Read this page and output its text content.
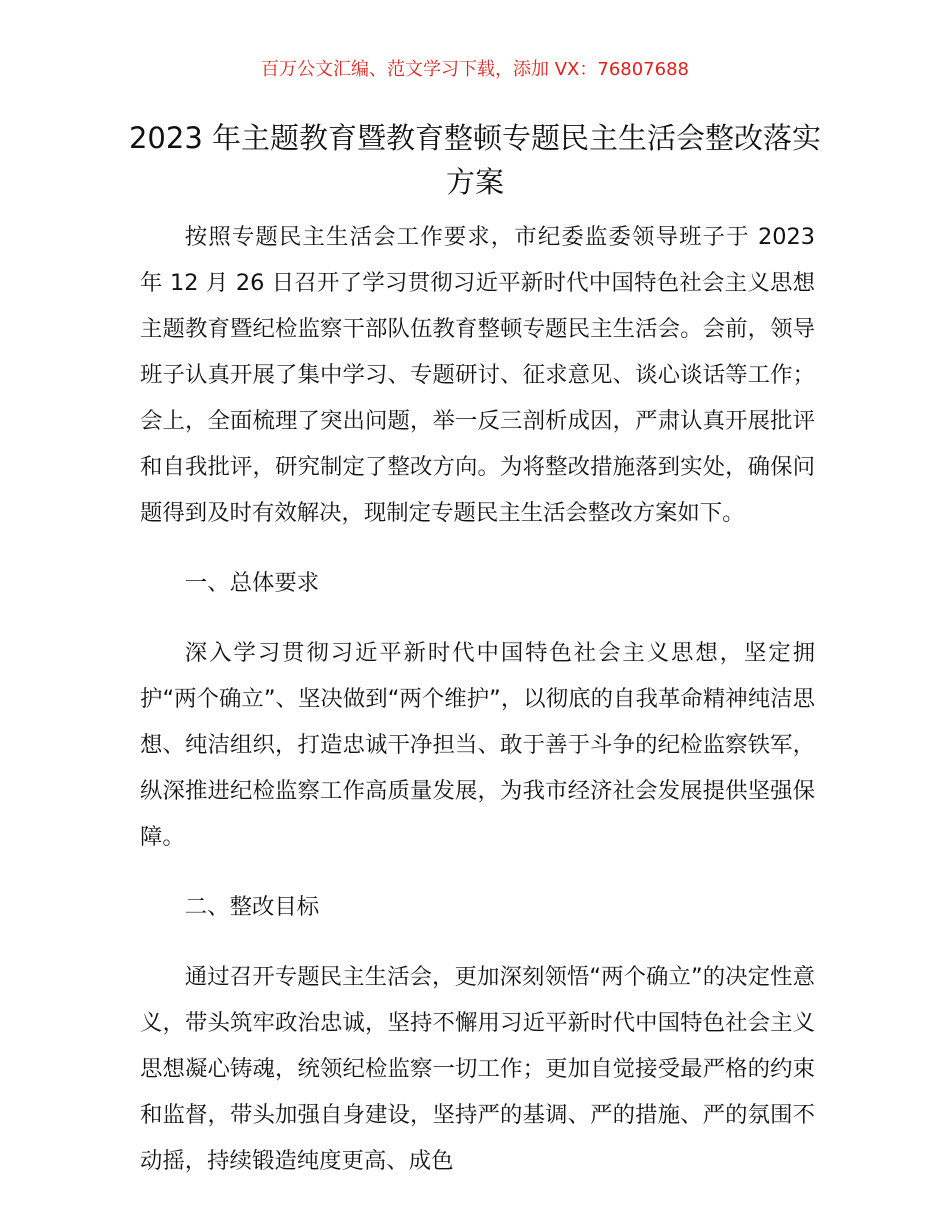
百万公文汇编、范文学习下载，添加 VX：76807688
2023 年主题教育暨教育整顿专题民主生活会整改落实方案

按照专题民主生活会工作要求，市纪委监委领导班子于 2023 年 12 月 26 日召开了学习贯彻习近平新时代中国特色社会主义思想主题教育暨纪检监察干部队伍教育整顿专题民主生活会。会前，领导班子认真开展了集中学习、专题研讨、征求意见、谈心谈话等工作；会上，全面梳理了突出问题，举一反三剖析成因，严肃认真开展批评和自我批评，研究制定了整改方向。为将整改措施落到实处，确保问题得到及时有效解决，现制定专题民主生活会整改方案如下。

一、总体要求

深入学习贯彻习近平新时代中国特色社会主义思想，坚定拥护“两个确立”、坚决做到“两个维护”，以彻底的自我革命精神纯洁思想、纯洁组织，打造忠诚干净担当、敢于善于斗争的纪检监察铁军，纵深推进纪检监察工作高质量发展，为我市经济社会发展提供坚强保障。

二、整改目标

通过召开专题民主生活会，更加深刻领悟“两个确立”的决定性意义，带头筑牢政治忠诚，坚持不懈用习近平新时代中国特色社会主义思想凝心铸魂，统领纪检监察一切工作；更加自觉接受最严格的约束和监督，带头加强自身建设，坚持严的基调、严的措施、严的氛围不动摇，持续锻造纯度更高、成色
